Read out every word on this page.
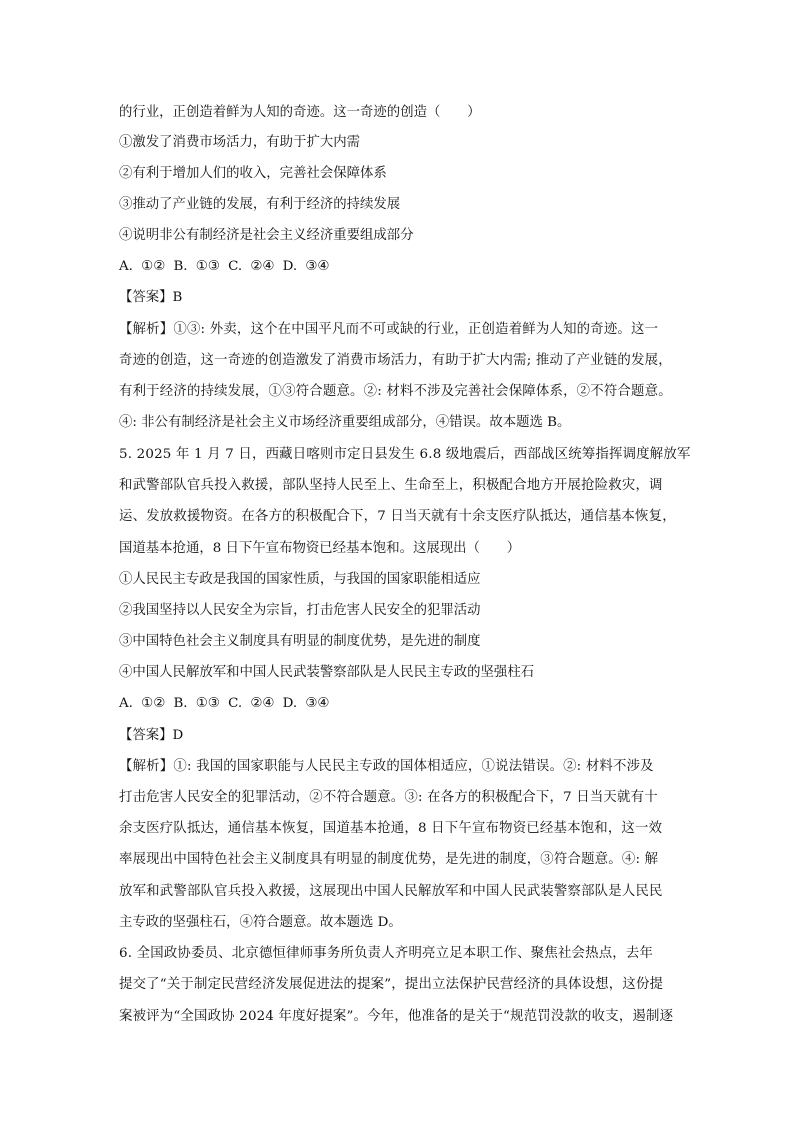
的行业，正创造着鲜为人知的奇迹。这一奇迹的创造（　　）
①激发了消费市场活力，有助于扩大内需
②有利于增加人们的收入，完善社会保障体系
③推动了产业链的发展，有利于经济的持续发展
④说明非公有制经济是社会主义经济重要组成部分
A. ①② B. ①③ C. ②④ D. ③④
【答案】B
【解析】①③: 外卖，这个在中国平凡而不可或缺的行业，正创造着鲜为人知的奇迹。这一
奇迹的创造，这一奇迹的创造激发了消费市场活力，有助于扩大内需; 推动了产业链的发展，
有利于经济的持续发展，①③符合题意。②: 材料不涉及完善社会保障体系，②不符合题意。
④: 非公有制经济是社会主义市场经济重要组成部分，④错误。故本题选 B。
5. 2025 年 1 月 7 日，西藏日喀则市定日县发生 6.8 级地震后，西部战区统筹指挥调度解放军
和武警部队官兵投入救援，部队坚持人民至上、生命至上，积极配合地方开展抢险救灾，调
运、发放救援物资。在各方的积极配合下，7 日当天就有十余支医疗队抵达，通信基本恢复，
国道基本抢通，8 日下午宣布物资已经基本饱和。这展现出（　　）
①人民民主专政是我国的国家性质，与我国的国家职能相适应
②我国坚持以人民安全为宗旨，打击危害人民安全的犯罪活动
③中国特色社会主义制度具有明显的制度优势，是先进的制度
④中国人民解放军和中国人民武装警察部队是人民民主专政的坚强柱石
A. ①② B. ①③ C. ②④ D. ③④
【答案】D
【解析】①: 我国的国家职能与人民民主专政的国体相适应，①说法错误。②: 材料不涉及
打击危害人民安全的犯罪活动，②不符合题意。③: 在各方的积极配合下，7 日当天就有十
余支医疗队抵达，通信基本恢复，国道基本抢通，8 日下午宣布物资已经基本饱和，这一效
率展现出中国特色社会主义制度具有明显的制度优势，是先进的制度，③符合题意。④: 解
放军和武警部队官兵投入救援，这展现出中国人民解放军和中国人民武装警察部队是人民民
主专政的坚强柱石，④符合题意。故本题选 D。
6. 全国政协委员、北京德恒律师事务所负责人齐明亮立足本职工作、聚焦社会热点，去年
提交了“关于制定民营经济发展促进法的提案”，提出立法保护民营经济的具体设想，这份提
案被评为“全国政协 2024 年度好提案”。今年，他准备的是关于“规范罚没款的收支，遏制逐
